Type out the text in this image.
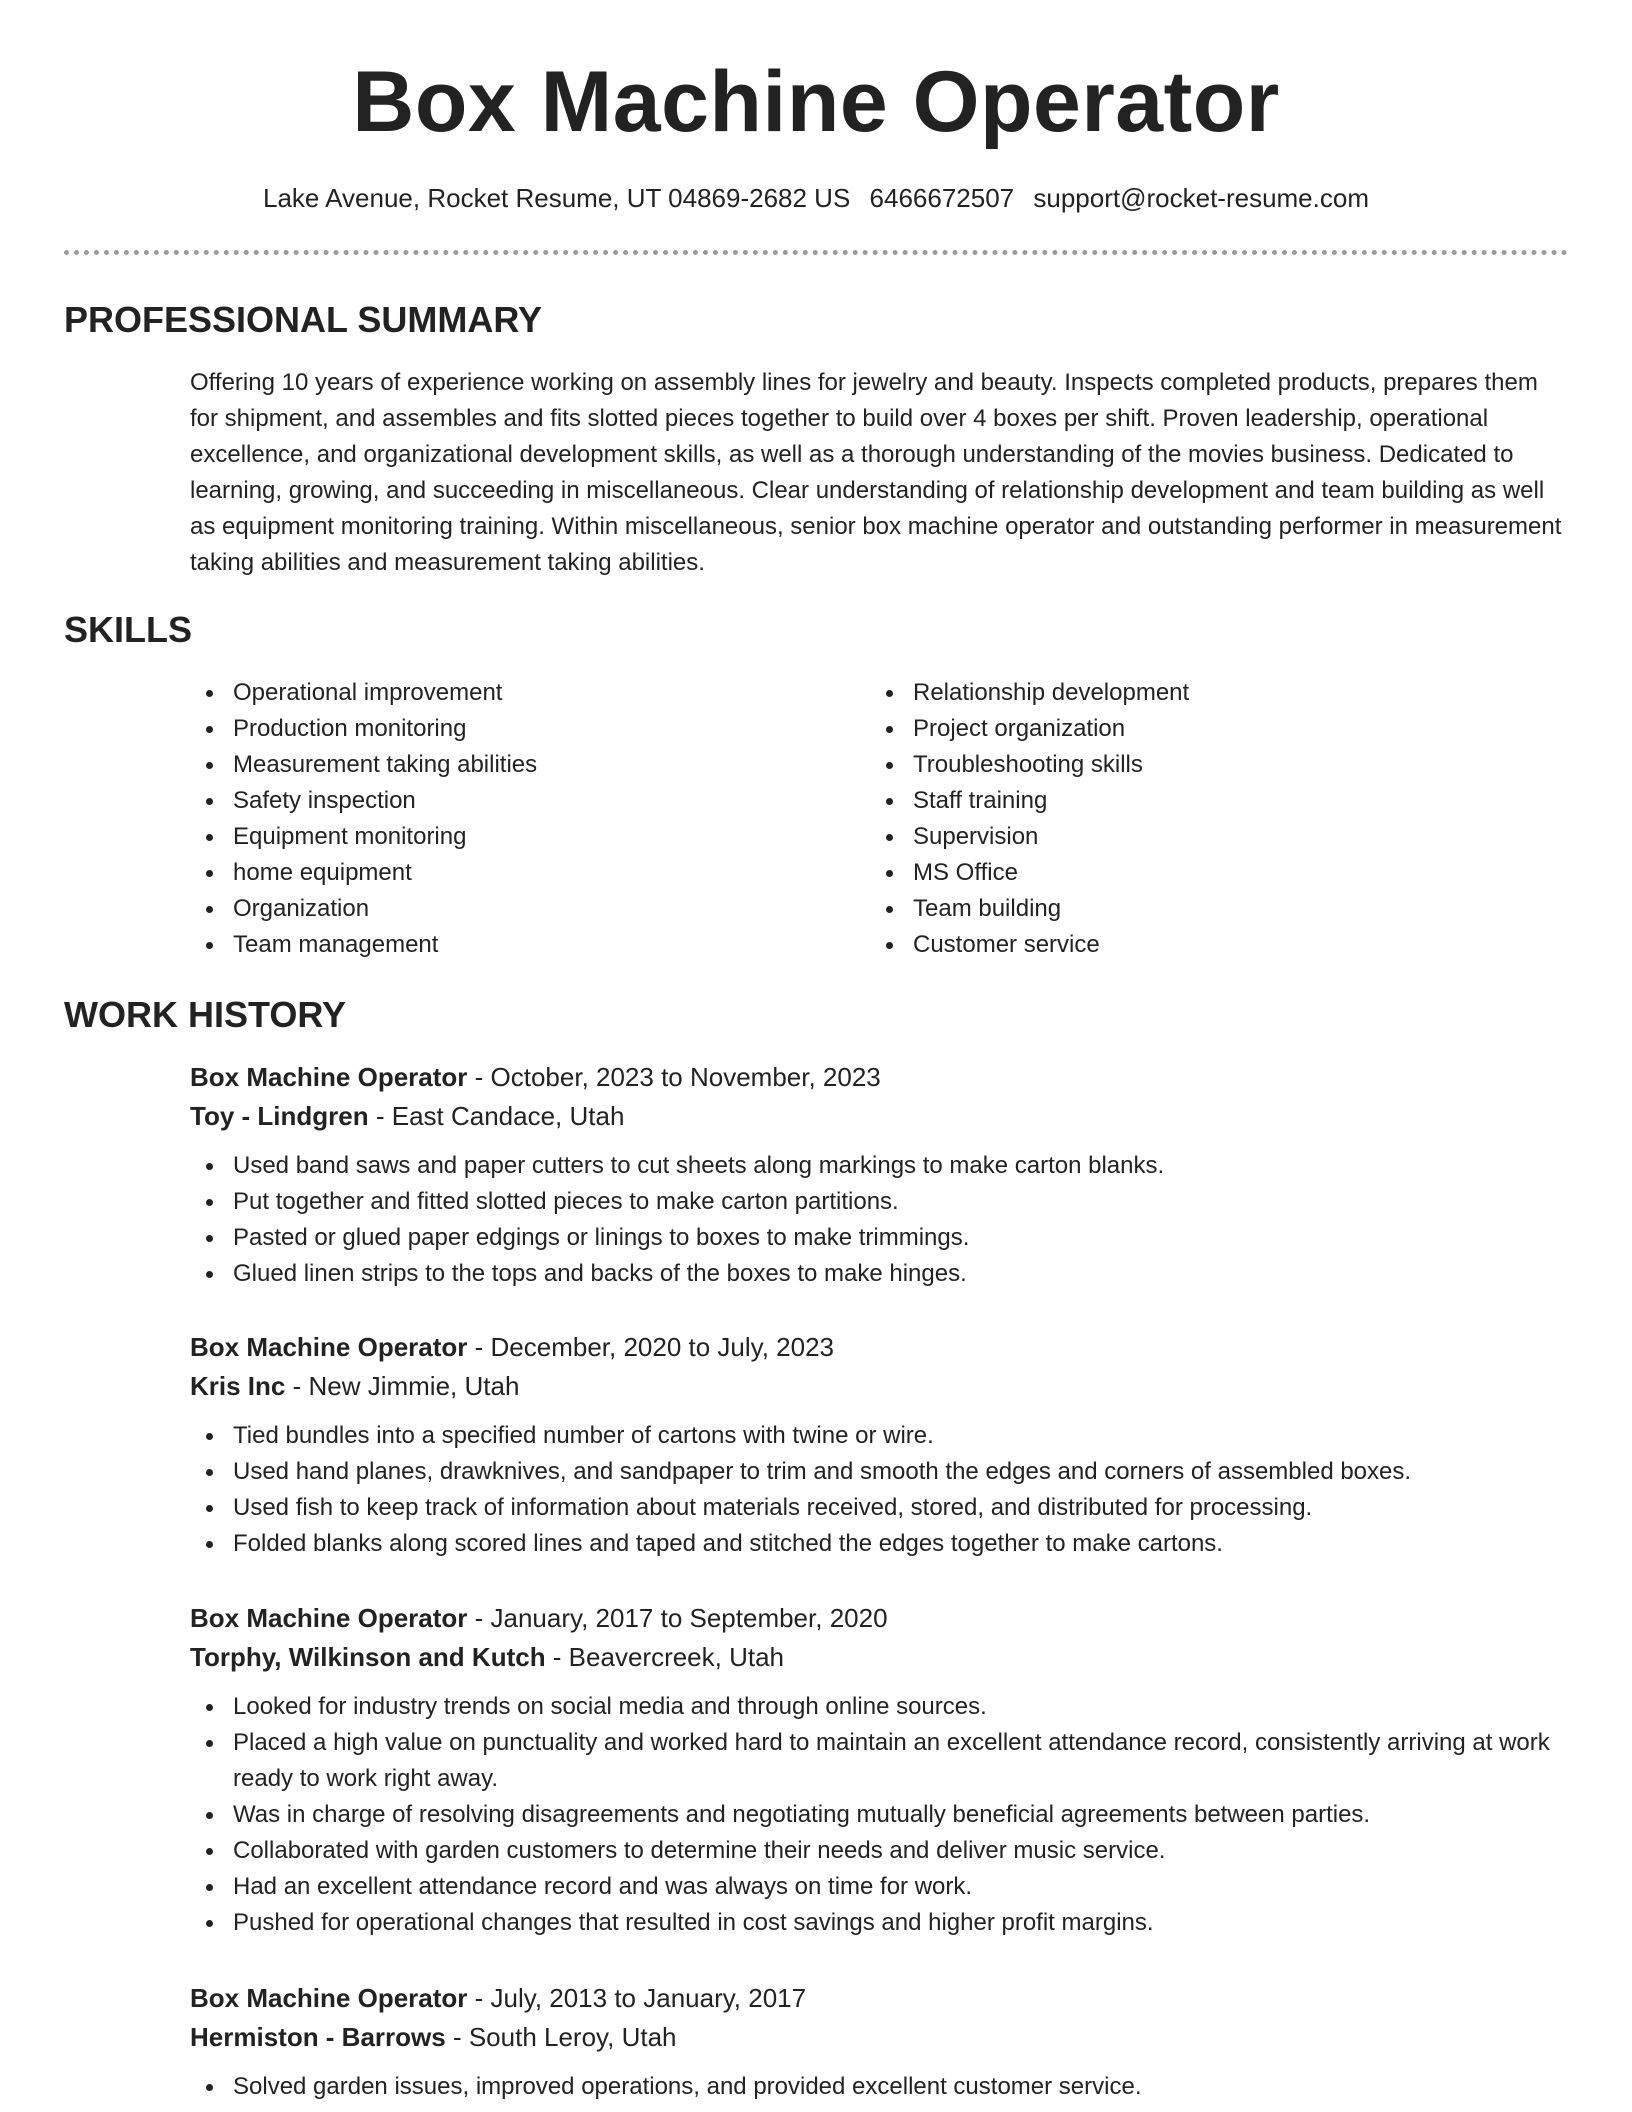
Box Machine Operator
Lake Avenue, Rocket Resume, UT 04869-2682 US 6466672507 support@rocket-resume.com
PROFESSIONAL SUMMARY

Offering 10 years of experience working on assembly lines for jewelry and beauty. Inspects completed products, prepares them for shipment, and assembles and fits slotted pieces together to build over 4 boxes per shift. Proven leadership, operational excellence, and organizational development skills, as well as a thorough understanding of the movies business. Dedicated to learning, growing, and succeeding in miscellaneous. Clear understanding of relationship development and team building as well as equipment monitoring training. Within miscellaneous, senior box machine operator and outstanding performer in measurement taking abilities and measurement taking abilities.

SKILLS
Operational improvement
Production monitoring
Measurement taking abilities
Safety inspection
Equipment monitoring
home equipment
Organization
Team management
Relationship development
Project organization
Troubleshooting skills
Staff training
Supervision
MS Office
Team building
Customer service
WORK HISTORY
Box Machine Operator - October, 2023 to November, 2023
Toy - Lindgren - East Candace, Utah
Used band saws and paper cutters to cut sheets along markings to make carton blanks.
Put together and fitted slotted pieces to make carton partitions.
Pasted or glued paper edgings or linings to boxes to make trimmings.
Glued linen strips to the tops and backs of the boxes to make hinges.
Box Machine Operator - December, 2020 to July, 2023
Kris Inc - New Jimmie, Utah
Tied bundles into a specified number of cartons with twine or wire.
Used hand planes, drawknives, and sandpaper to trim and smooth the edges and corners of assembled boxes.
Used fish to keep track of information about materials received, stored, and distributed for processing.
Folded blanks along scored lines and taped and stitched the edges together to make cartons.
Box Machine Operator - January, 2017 to September, 2020
Torphy, Wilkinson and Kutch - Beavercreek, Utah
Looked for industry trends on social media and through online sources.
Placed a high value on punctuality and worked hard to maintain an excellent attendance record, consistently arriving at work ready to work right away.
Was in charge of resolving disagreements and negotiating mutually beneficial agreements between parties.
Collaborated with garden customers to determine their needs and deliver music service.
Had an excellent attendance record and was always on time for work.
Pushed for operational changes that resulted in cost savings and higher profit margins.
Box Machine Operator - July, 2013 to January, 2017
Hermiston - Barrows - South Leroy, Utah
Solved garden issues, improved operations, and provided excellent customer service.
